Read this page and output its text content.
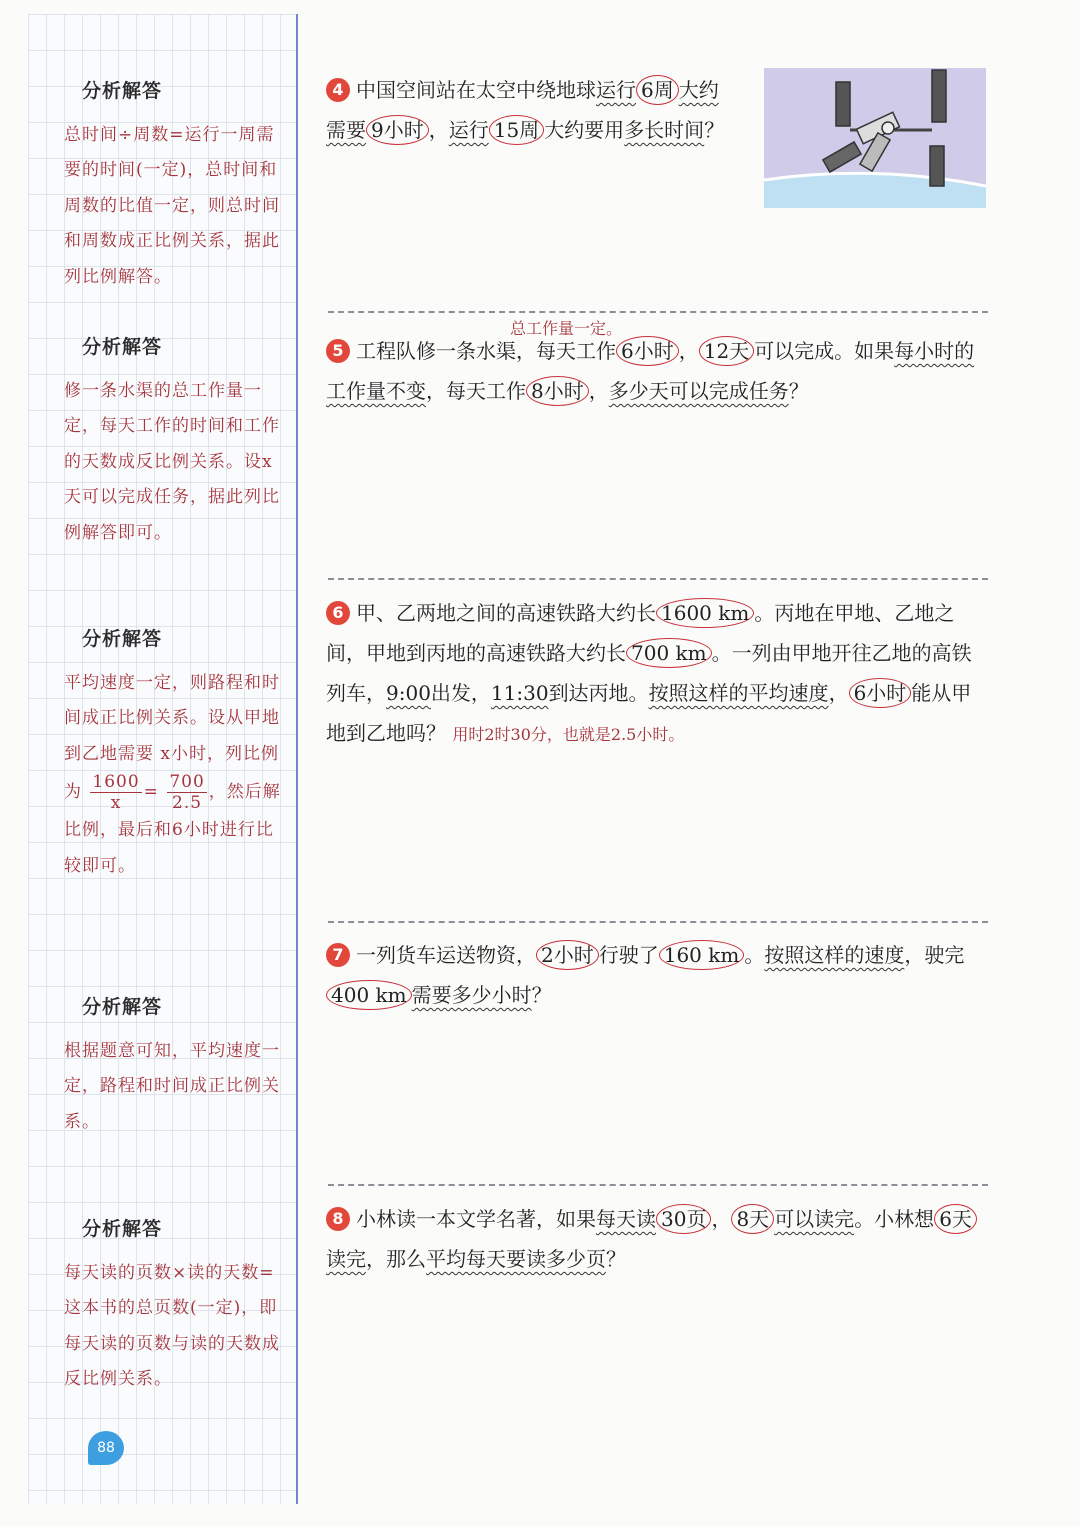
分析解答
总时间÷周数=运行一周需要的时间(一定)，总时间和周数的比值一定，则总时间和周数成正比例关系，据此列比例解答。
分析解答
修一条水渠的总工作量一定，每天工作的时间和工作的天数成反比例关系。设x天可以完成任务，据此列比例解答即可。
分析解答
平均速度一定，则路程和时间成正比例关系。设从甲地到乙地需要 x小时，列比例为 $\frac{1600}{x} = \frac{700}{2.5}$ ，然后解比例，最后和6小时进行比较即可。
分析解答
根据题意可知，平均速度一定，路程和时间成正比例关系。
分析解答
每天读的页数×读的天数=这本书的总页数(一定)，即每天读的页数与读的天数成反比例关系。
88
4 中国空间站在太空中绕地球运行 6周 大约
需要 9小时 ，运行 15周 大约要用多长时间？
总工作量一定。
5 工程队修一条水渠，每天工作 6小时 ， 12天 可以完成。如果每小时的工作量不变，每天工作 8小时 ，多少天可以完成任务？
6 甲、乙两地之间的高速铁路大约长 1600 km 。丙地在甲地、乙地之间，甲地到丙地的高速铁路大约长 700 km 。一列由甲地开往乙地的高铁列车，9:00出发，11:30到达丙地。按照这样的平均速度， 6小时 能从甲地到乙地吗？ 用时2时30分，也就是2.5小时。
7 一列货车运送物资， 2小时 行驶了 160 km 。按照这样的速度，驶完400 km 需要多少小时？
8 小林读一本文学名著，如果每天读 30页 ， 8天 可以读完。小林想 6天读完，那么平均每天要读多少页？
